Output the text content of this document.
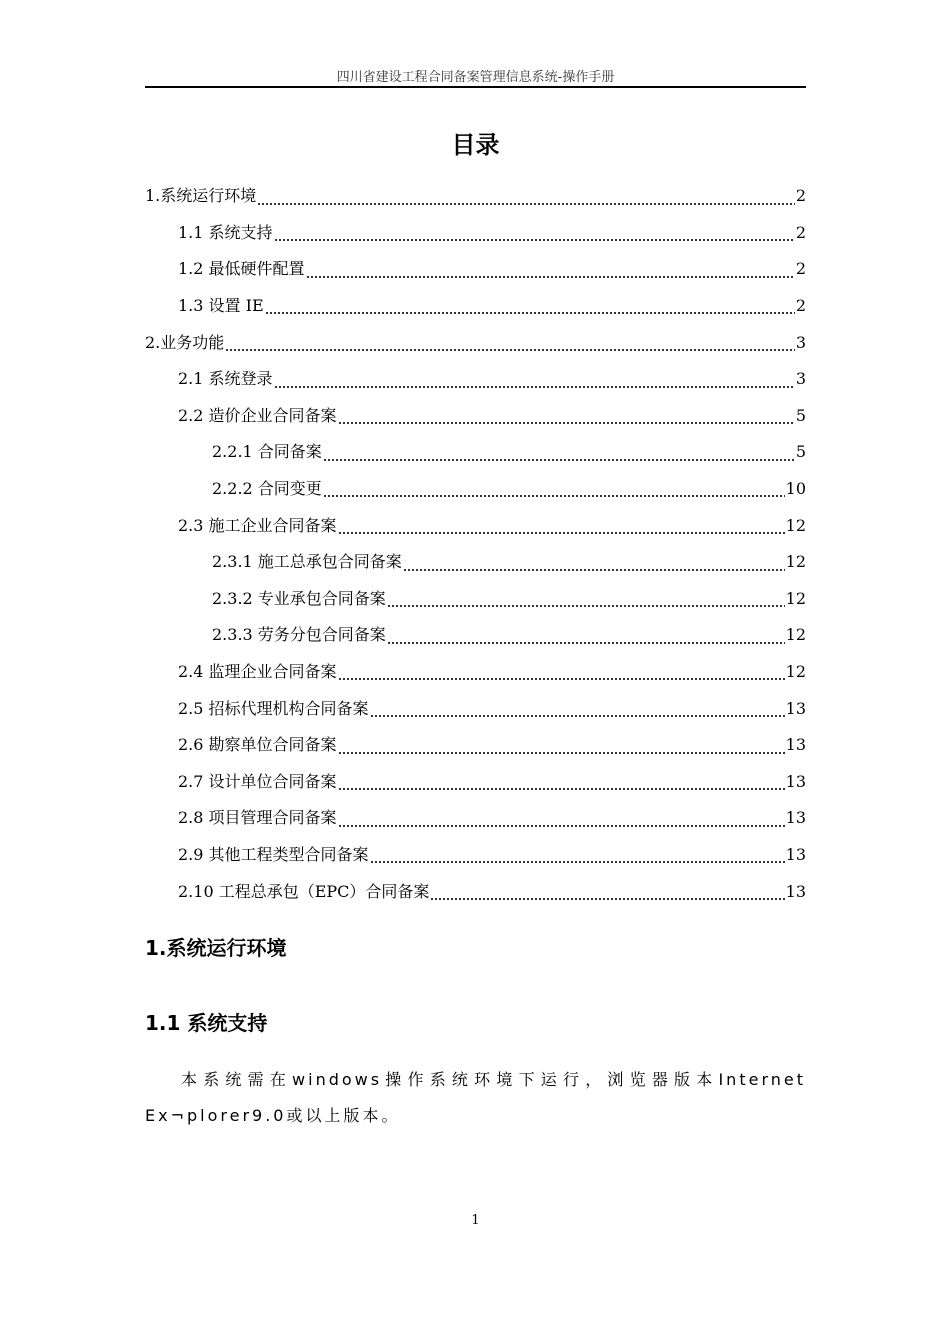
四川省建设工程合同备案管理信息系统-操作手册
目录
1.系统运行环境	2
1.1 系统支持	2
1.2 最低硬件配置	2
1.3 设置 IE	2
2.业务功能	3
2.1 系统登录	3
2.2 造价企业合同备案	5
2.2.1 合同备案	5
2.2.2 合同变更	10
2.3 施工企业合同备案	12
2.3.1 施工总承包合同备案	12
2.3.2 专业承包合同备案	12
2.3.3 劳务分包合同备案	12
2.4 监理企业合同备案	12
2.5 招标代理机构合同备案	13
2.6 勘察单位合同备案	13
2.7 设计单位合同备案	13
2.8 项目管理合同备案	13
2.9 其他工程类型合同备案	13
2.10 工程总承包（EPC）合同备案	13
1.系统运行环境
1.1 系统支持
本系统需在windows操作系统环境下运行，浏览器版本Internet Ex¬plorer9.0或以上版本。
1
